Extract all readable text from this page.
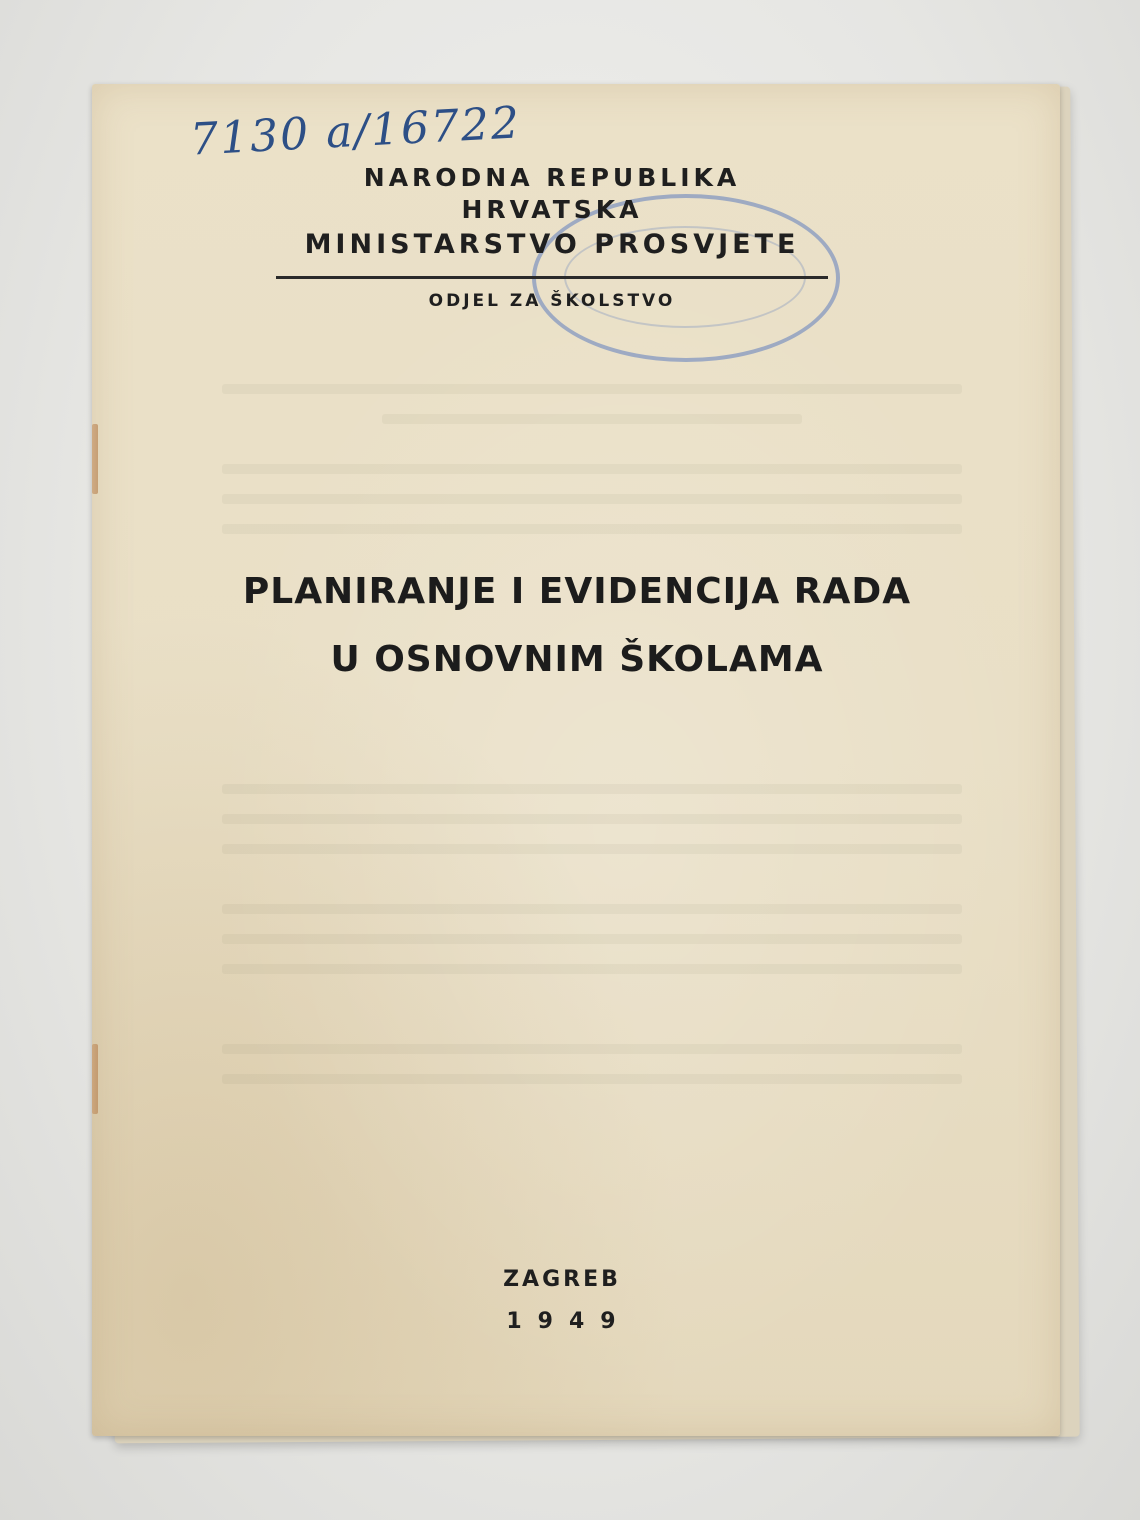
7130 a/16722

NARODNA REPUBLIKA HRVATSKA

MINISTARSTVO PROSVJETE

ODJEL ZA ŠKOLSTVO

PLANIRANJE I EVIDENCIJA RADA

U OSNOVNIM ŠKOLAMA

ZAGREB

1949
